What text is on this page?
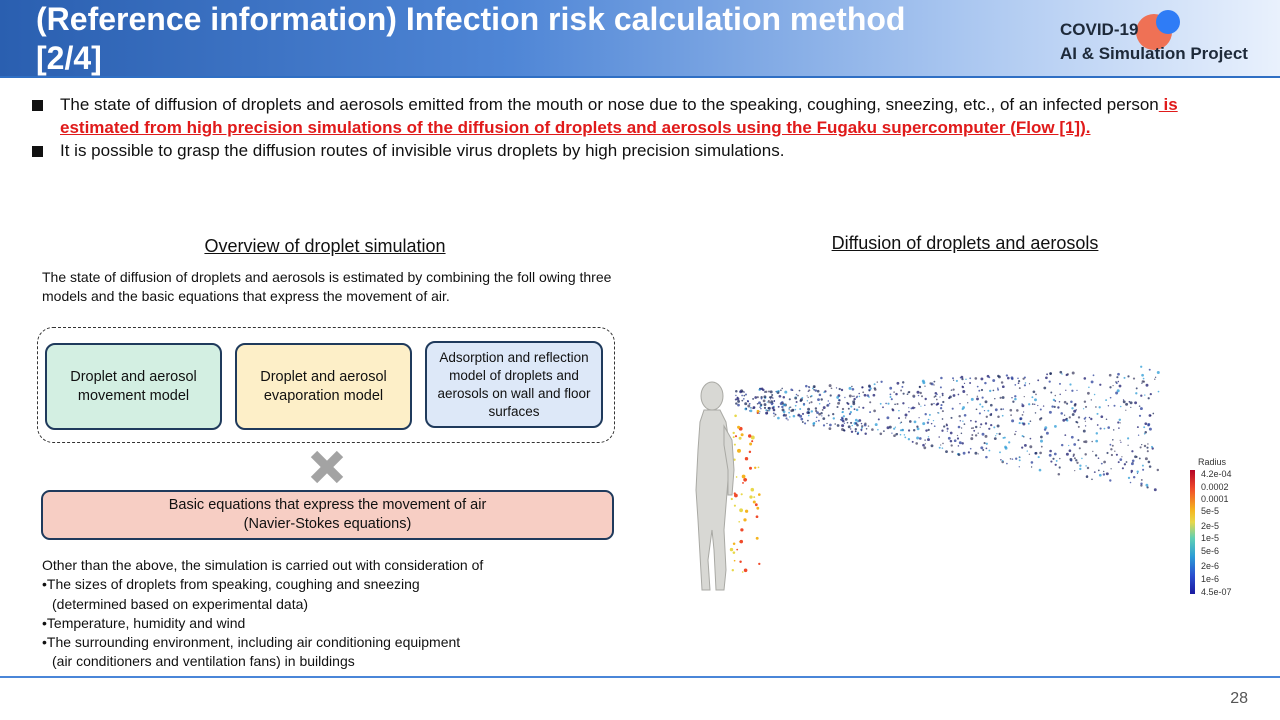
(Reference information) Infection risk calculation method [2/4]
COVID-19
AI & Simulation Project
The state of diffusion of droplets and aerosols emitted from the mouth or nose due to the speaking, coughing, sneezing, etc., of an infected person is estimated from high precision simulations of the diffusion of droplets and aerosols using the Fugaku supercomputer (Flow [1]).
It is possible to grasp the diffusion routes of invisible virus droplets by high precision simulations.
Overview of droplet simulation
The state of diffusion of droplets and aerosols is estimated by combining the foll owing three models and the basic equations that express the movement of air.
Droplet and aerosol movement model
Droplet and aerosol evaporation model
Adsorption and reflection model of droplets and aerosols on wall and floor surfaces
Basic equations that express the movement of air
(Navier-Stokes equations)
Other than the above, the simulation is carried out with consideration of
•The sizes of droplets from speaking, coughing and sneezing
(determined based on experimental data)
•Temperature, humidity and wind
•The surrounding environment, including air conditioning equipment
(air conditioners and ventilation fans) in buildings
Diffusion of droplets and aerosols
Radius
4.2e-04
0.0002
0.0001
5e-5
2e-5
1e-5
5e-6
2e-6
1e-6
4.5e-07
28
